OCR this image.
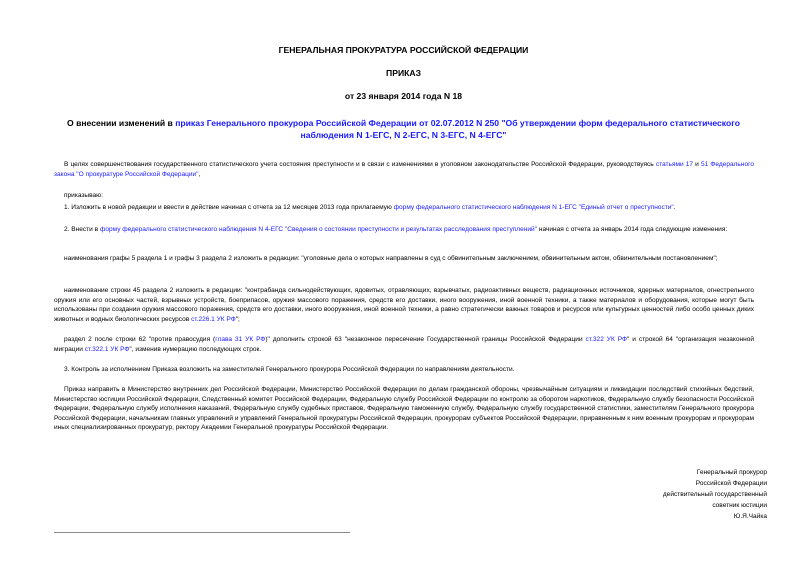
ГЕНЕРАЛЬНАЯ ПРОКУРАТУРА РОССИЙСКОЙ ФЕДЕРАЦИИ
ПРИКАЗ
от 23 января 2014 года N 18
О внесении изменений в приказ Генерального прокурора Российской Федерации от 02.07.2012 N 250 "Об утверждении форм федерального статистического наблюдения N 1-ЕГС, N 2-ЕГС, N 3-ЕГС, N 4-ЕГС"

В целях совершенствования государственного статистического учета состояния преступности и в связи с изменениями в уголовном законодательстве Российской Федерации, руководствуясь статьями 17 и 51 Федерального закона "О прокуратуре Российской Федерации",

приказываю:

1. Изложить в новой редакции и ввести в действие начиная с отчета за 12 месяцев 2013 года прилагаемую форму федерального статистического наблюдения N 1-ЕГС "Единый отчет о преступности".

2. Внести в форму федерального статистического наблюдения N 4-ЕГС "Сведения о состоянии преступности и результатах расследования преступлений" начиная с отчета за январь 2014 года следующие изменения:

наименования графы 5 раздела 1 и графы 3 раздела 2 изложить в редакции: "уголовные дела о которых направлены в суд с обвинительным заключением, обвинительным актом, обвинительным постановлением";

наименование строки 45 раздела 2 изложить в редакции: "контрабанда сильнодействующих, ядовитых, отравляющих, взрывчатых, радиоактивных веществ, радиационных источников, ядерных материалов, огнестрельного оружия или его основных частей, взрывных устройств, боеприпасов, оружия массового поражения, средств его доставки, иного вооружения, иной военной техники, а также материалов и оборудования, которые могут быть использованы при создании оружия массового поражения, средств его доставки, иного вооружения, иной военной техники, а равно стратегически важных товаров и ресурсов или культурных ценностей либо особо ценных диких животных и водных биологических ресурсов ст.226.1 УК РФ";

раздел 2 после строки 62 "против правосудия (глава 31 УК РФ)" дополнить строкой 63 "незаконное пересечение Государственной границы Российской Федерации ст.322 УК РФ" и строкой 64 "организация незаконной миграции ст.322.1 УК РФ", изменив нумерацию последующих строк.

3. Контроль за исполнением Приказа возложить на заместителей Генерального прокурора Российской Федерации по направлениям деятельности.

Приказ направить в Министерство внутренних дел Российской Федерации, Министерство Российской Федерации по делам гражданской обороны, чрезвычайным ситуациям и ликвидации последствий стихийных бедствий, Министерство юстиции Российской Федерации, Следственный комитет Российской Федерации, Федеральную службу Российской Федерации по контролю за оборотом наркотиков, Федеральную службу безопасности Российской Федерации, Федеральную службу исполнения наказаний, Федеральную службу судебных приставов, Федеральную таможенную службу, Федеральную службу государственной статистики, заместителям Генерального прокурора Российской Федерации, начальникам главных управлений и управлений Генеральной прокуратуры Российской Федерации, прокурорам субъектов Российской Федерации, приравненным к ним военным прокурорам и прокурорам иных специализированных прокуратур, ректору Академии Генеральной прокуратуры Российской Федерации.

Генеральный прокурор
Российской Федерации
действительный государственный
советник юстиции
Ю.Я.Чайка
